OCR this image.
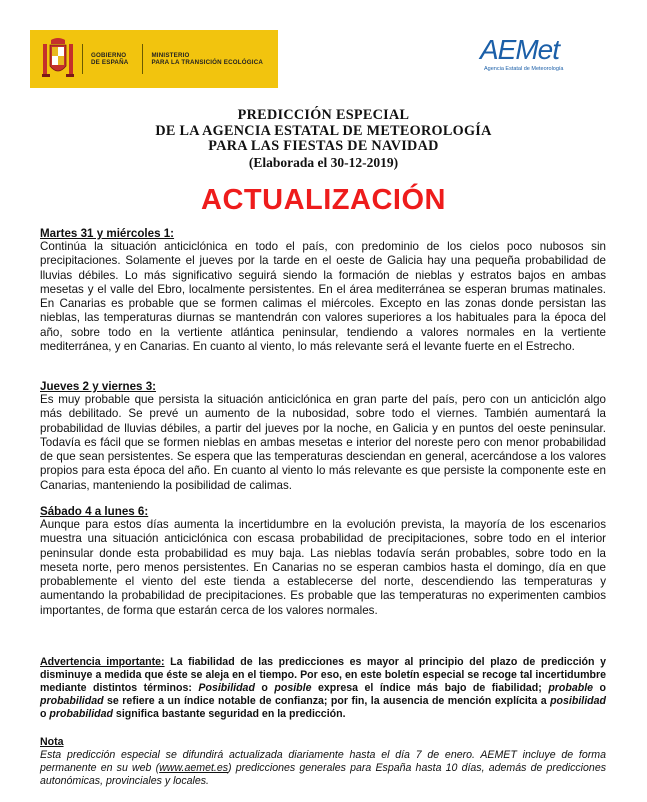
GOBIERNO
DE ESPAÑA
MINISTERIO
PARA LA TRANSICIÓN ECOLÓGICA	AEMet
Agencia Estatal de Meteorología
PREDICCIÓN ESPECIAL
DE LA AGENCIA ESTATAL DE METEOROLOGÍA
PARA LAS FIESTAS DE NAVIDAD
(Elaborada el 30-12-2019)
ACTUALIZACIÓN
Martes 31 y miércoles 1:
Continúa la situación anticiclónica en todo el país, con predominio de los cielos poco nubosos sin precipitaciones. Solamente el jueves por la tarde en el oeste de Galicia hay una pequeña probabilidad de lluvias débiles. Lo más significativo seguirá siendo la formación de nieblas y estratos bajos en ambas mesetas y el valle del Ebro, localmente persistentes. En el área mediterránea se esperan brumas matinales. En Canarias es probable que se formen calimas el miércoles. Excepto en las zonas donde persistan las nieblas, las temperaturas diurnas se mantendrán con valores superiores a los habituales para la época del año, sobre todo en la vertiente atlántica peninsular, tendiendo a valores normales en la vertiente mediterránea, y en Canarias. En cuanto al viento, lo más relevante será el levante fuerte en el Estrecho.
Jueves 2 y viernes 3:
Es muy probable que persista la situación anticiclónica en gran parte del país, pero con un anticiclón algo más debilitado. Se prevé un aumento de la nubosidad, sobre todo el viernes. También aumentará la probabilidad de lluvias débiles, a partir del jueves por la noche, en Galicia y en puntos del oeste peninsular. Todavía es fácil que se formen nieblas en ambas mesetas e interior del noreste pero con menor probabilidad de que sean persistentes. Se espera que las temperaturas desciendan en general, acercándose a los valores propios para esta época del año. En cuanto al viento lo más relevante es que persiste la componente este en Canarias, manteniendo la posibilidad de calimas.
Sábado 4 a lunes 6:
Aunque para estos días aumenta la incertidumbre en la evolución prevista, la mayoría de los escenarios muestra una situación anticiclónica con escasa probabilidad de precipitaciones, sobre todo en el interior peninsular donde esta probabilidad es muy baja. Las nieblas todavía serán probables, sobre todo en la meseta norte, pero menos persistentes. En Canarias no se esperan cambios hasta el domingo, día en que probablemente el viento del este tienda a establecerse del norte, descendiendo las temperaturas y aumentando la probabilidad de precipitaciones. Es probable que las temperaturas no experimenten cambios importantes, de forma que estarán cerca de los valores normales.
Advertencia importante: La fiabilidad de las predicciones es mayor al principio del plazo de predicción y disminuye a medida que éste se aleja en el tiempo. Por eso, en este boletín especial se recoge tal incertidumbre mediante distintos términos: Posibilidad o posible expresa el índice más bajo de fiabilidad; probable o probabilidad se refiere a un índice notable de confianza; por fin, la ausencia de mención explícita a posibilidad o probabilidad significa bastante seguridad en la predicción.
Nota
Esta predicción especial se difundirá actualizada diariamente hasta el día 7 de enero. AEMET incluye de forma permanente en su web (www.aemet.es) predicciones generales para España hasta 10 días, además de predicciones autonómicas, provinciales y locales.
